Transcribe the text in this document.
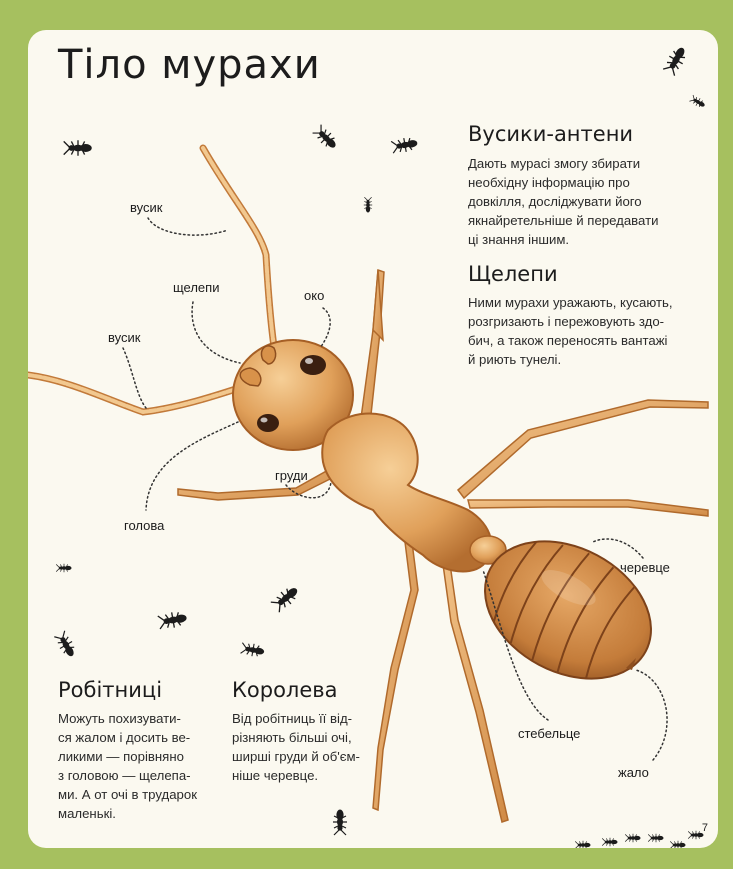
Тіло мурахи
Вусики-антени

Дають мурасі змогу збирати
необхідну інформацію про
довкілля, досліджувати його
якнайретельніше й передавати
ці знання іншим.

Щелепи

Ними мурахи уражають, кусають,
розгризають і пережовують здо-
бич, а також переносять вантажі
й риють тунелі.

Робітниці

Можуть похизувати-
ся жалом і досить ве-
ликими — порівняно
з головою — щелепа-
ми. А от очі в трударок
маленькі.

Королева

Від робітниць її від-
різняють більші очі,
ширші груди й об'єм-
ніше черевце.

вусик
щелепи
око
вусик
груди
голова
черевце
стебельце
жало
7
